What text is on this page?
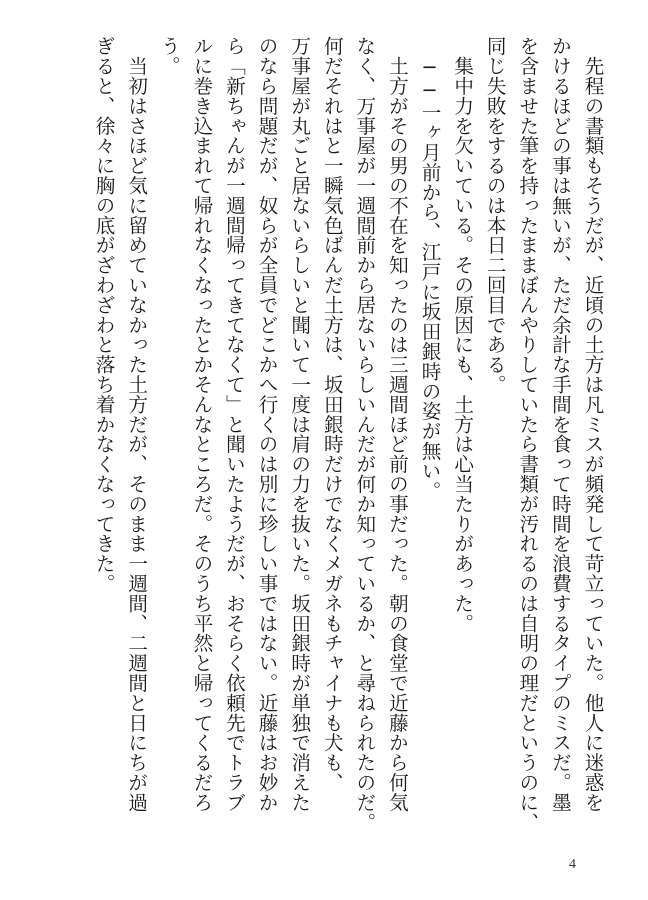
　先程の書類もそうだが、近頃の土方は凡ミスが頻発して苛立っていた。他人に迷惑を
かけるほどの事は無いが、ただ余計な手間を食って時間を浪費するタイプのミスだ。墨
を含ませた筆を持ったままぼんやりしていたら書類が汚れるのは自明の理だというのに、
同じ失敗をするのは本日二回目である。
　集中力を欠いている。その原因にも、土方は心当たりがあった。
　──一ヶ月前から、江戸に坂田銀時の姿が無い。
　土方がその男の不在を知ったのは三週間ほど前の事だった。朝の食堂で近藤から何気
なく、万事屋が一週間前から居ないらしいんだが何か知っているか、と尋ねられたのだ。
何だそれはと一瞬気色ばんだ土方は、坂田銀時だけでなくメガネもチャイナも犬も、
万事屋が丸ごと居ないらしいと聞いて一度は肩の力を抜いた。坂田銀時が単独で消えた
のなら問題だが、奴らが全員でどこかへ行くのは別に珍しい事ではない。近藤はお妙か
ら「新ちゃんが一週間帰ってきてなくて」と聞いたようだが、おそらく依頼先でトラブ
ルに巻き込まれて帰れなくなったとかそんなところだ。そのうち平然と帰ってくるだろ
う。
　当初はさほど気に留めていなかった土方だが、そのまま一週間、二週間と日にちが過
ぎると、徐々に胸の底がざわざわと落ち着かなくなってきた。
4
